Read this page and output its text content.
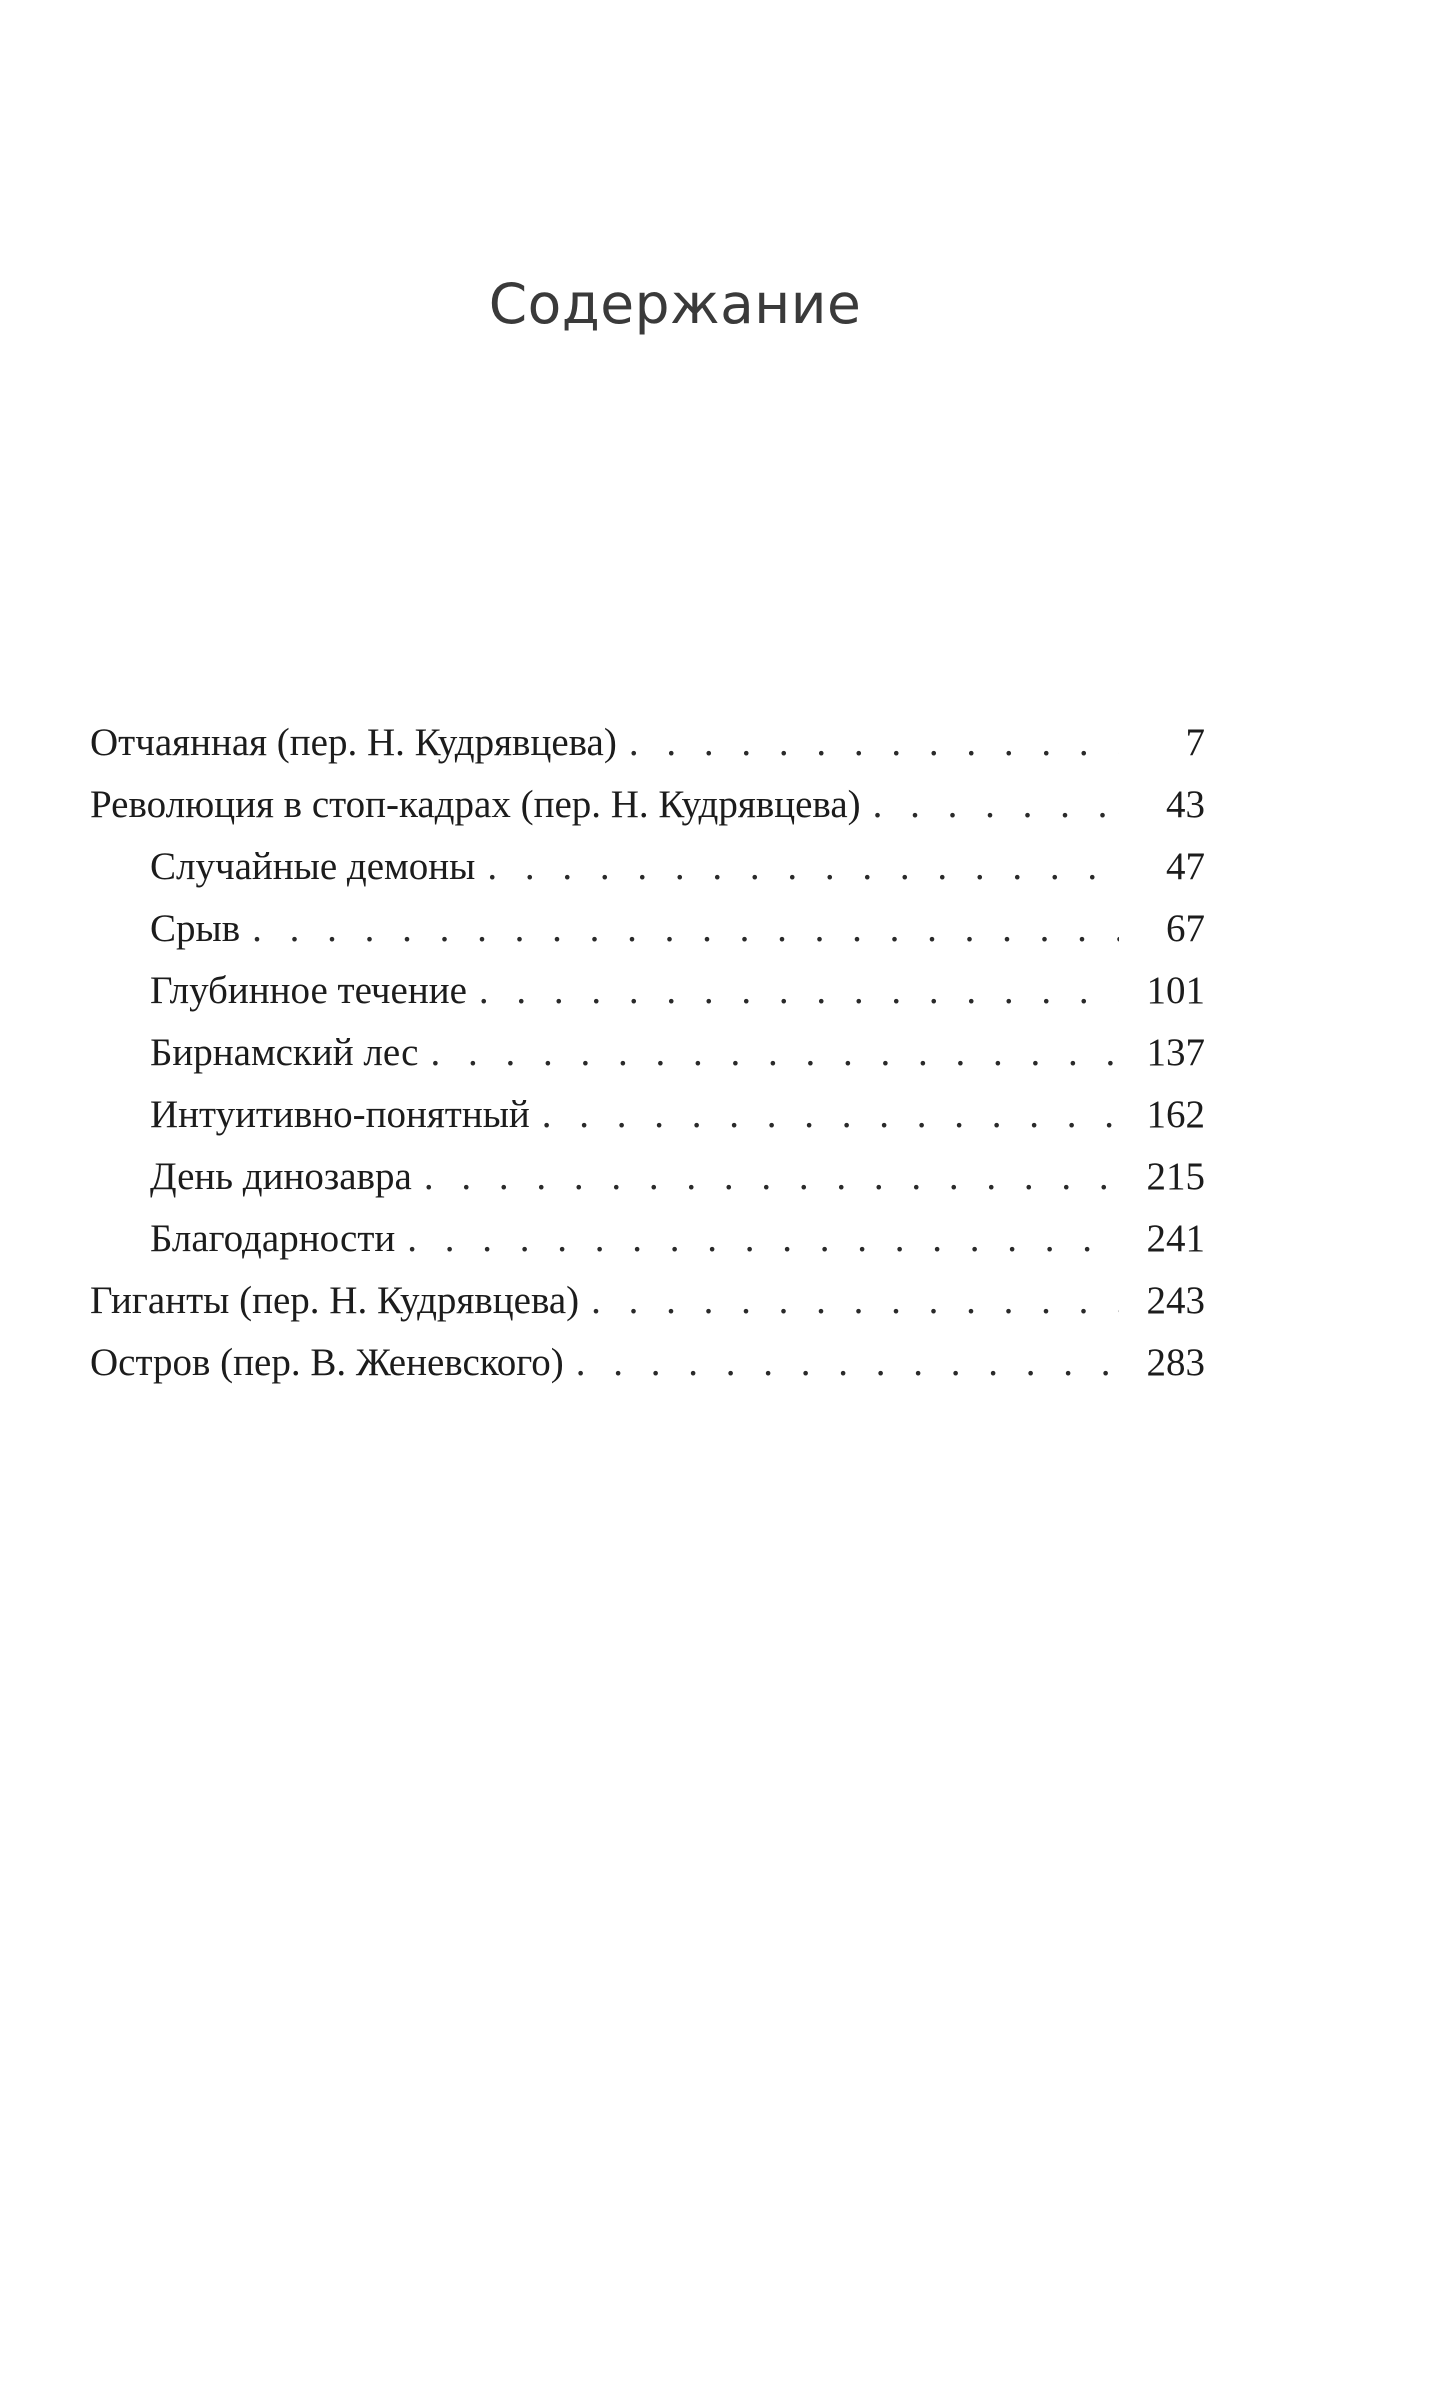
Содержание
Отчаянная (пер. Н. Кудрявцева) . . .	7
Революция в стоп-кадрах (пер. Н. Кудрявцева) . . .	43
Случайные демоны . . .	47
Срыв . . .	67
Глубинное течение . . .	101
Бирнамский лес . . .	137
Интуитивно-понятный . . .	162
День динозавра . . .	215
Благодарности . . .	241
Гиганты (пер. Н. Кудрявцева) . . .	243
Остров (пер. В. Женевского) . . .	283
